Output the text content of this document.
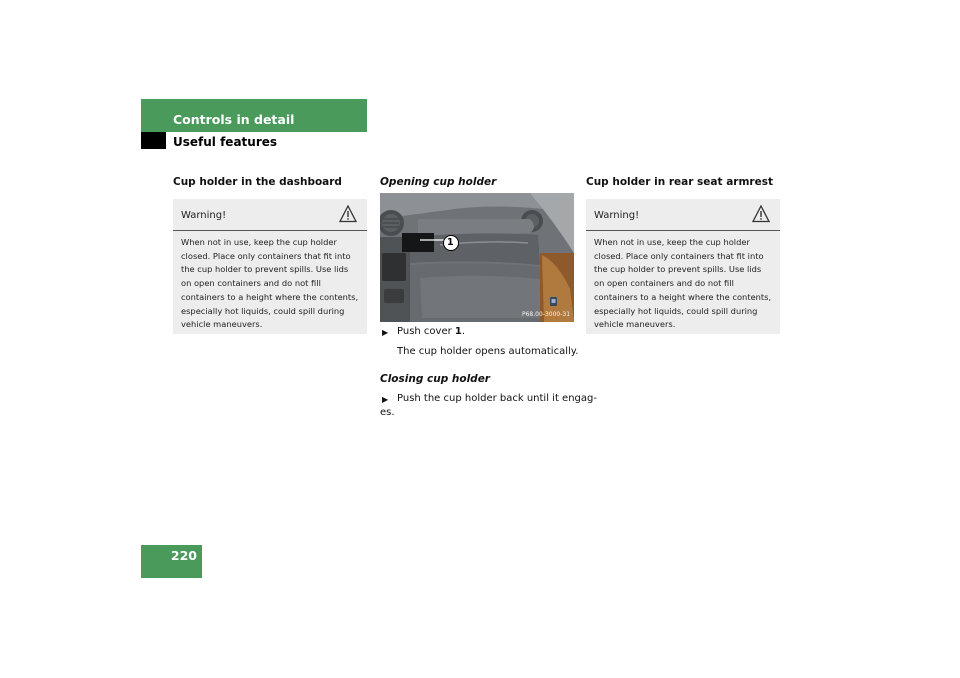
Controls in detail
Useful features
Cup holder in the dashboard
Warning!
When not in use, keep the cup holder closed. Place only containers that fit into the cup holder to prevent spills. Use lids on open containers and do not fill containers to a height where the contents, especially hot liquids, could spill during vehicle maneuvers.
Opening cup holder
1
P68.00-3000-31
▶ Push cover 1.
The cup holder opens automatically.
Closing cup holder
▶ Push the cup holder back until it engag-
es.
Cup holder in rear seat armrest
Warning!
When not in use, keep the cup holder closed. Place only containers that fit into the cup holder to prevent spills. Use lids on open containers and do not fill containers to a height where the contents, especially hot liquids, could spill during vehicle maneuvers.
220
